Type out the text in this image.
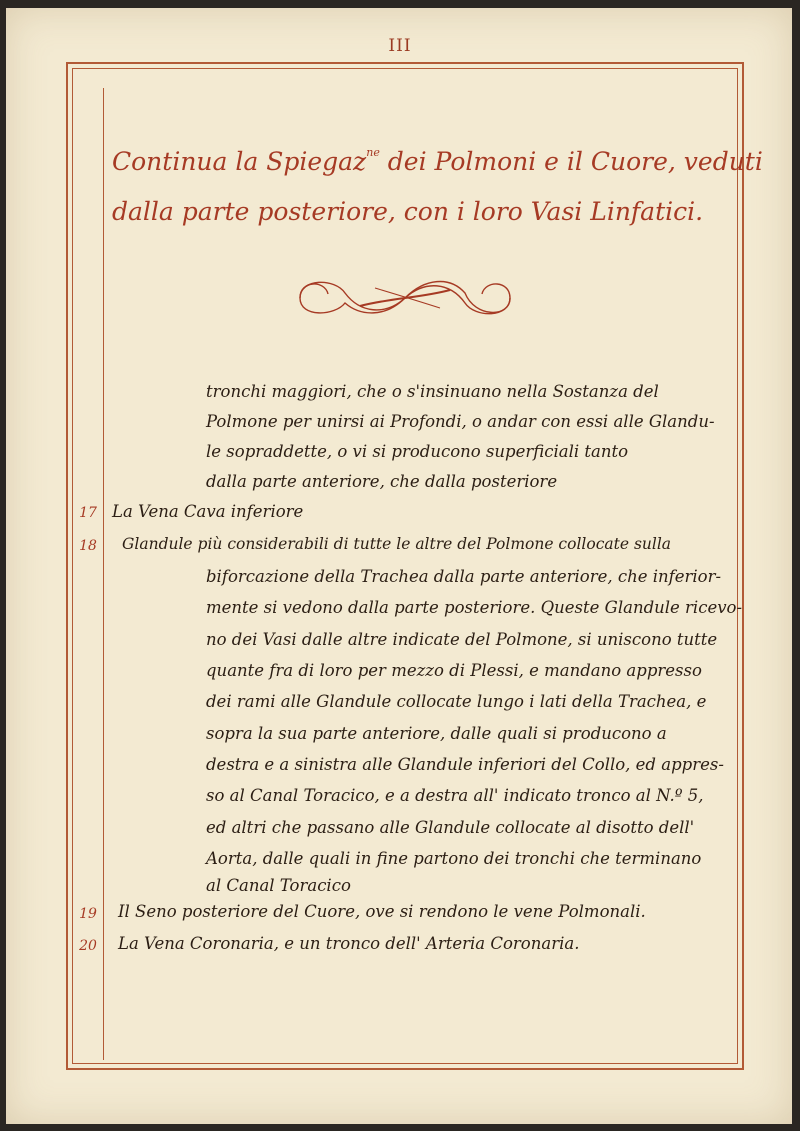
III
Continua la Spiegaz$^{ne}$ dei Polmoni e il Cuore, veduti
dalla parte posteriore, con i loro Vasi Linfatici.
tronchi maggiori, che o s'insinuano nella Sostanza del
Polmone per unirsi ai Profondi, o andar con essi alle Glandu-
le sopraddette, o vi si producono superficiali tanto
dalla parte anteriore, che dalla posteriore
17 La Vena Cava inferiore
18	Glandule più considerabili di tutte le altre del Polmone collocate sulla
biforcazione della Trachea dalla parte anteriore, che inferior-
mente si vedono dalla parte posteriore. Queste Glandule ricevo-
no dei Vasi dalle altre indicate del Polmone, si uniscono tutte
quante fra di loro per mezzo di Plessi, e mandano appresso
dei rami alle Glandule collocate lungo i lati della Trachea, e
sopra la sua parte anteriore, dalle quali si producono a
destra e a sinistra alle Glandule inferiori del Collo, ed appres-
so al Canal Toracico, e a destra all' indicato tronco al N.º 5,
ed altri che passano alle Glandule collocate al disotto dell'
Aorta, dalle quali in fine partono dei tronchi che terminano
al Canal Toracico
19	Il Seno posteriore del Cuore, ove si rendono le vene Polmonali.
20	La Vena Coronaria, e un tronco dell' Arteria Coronaria.
